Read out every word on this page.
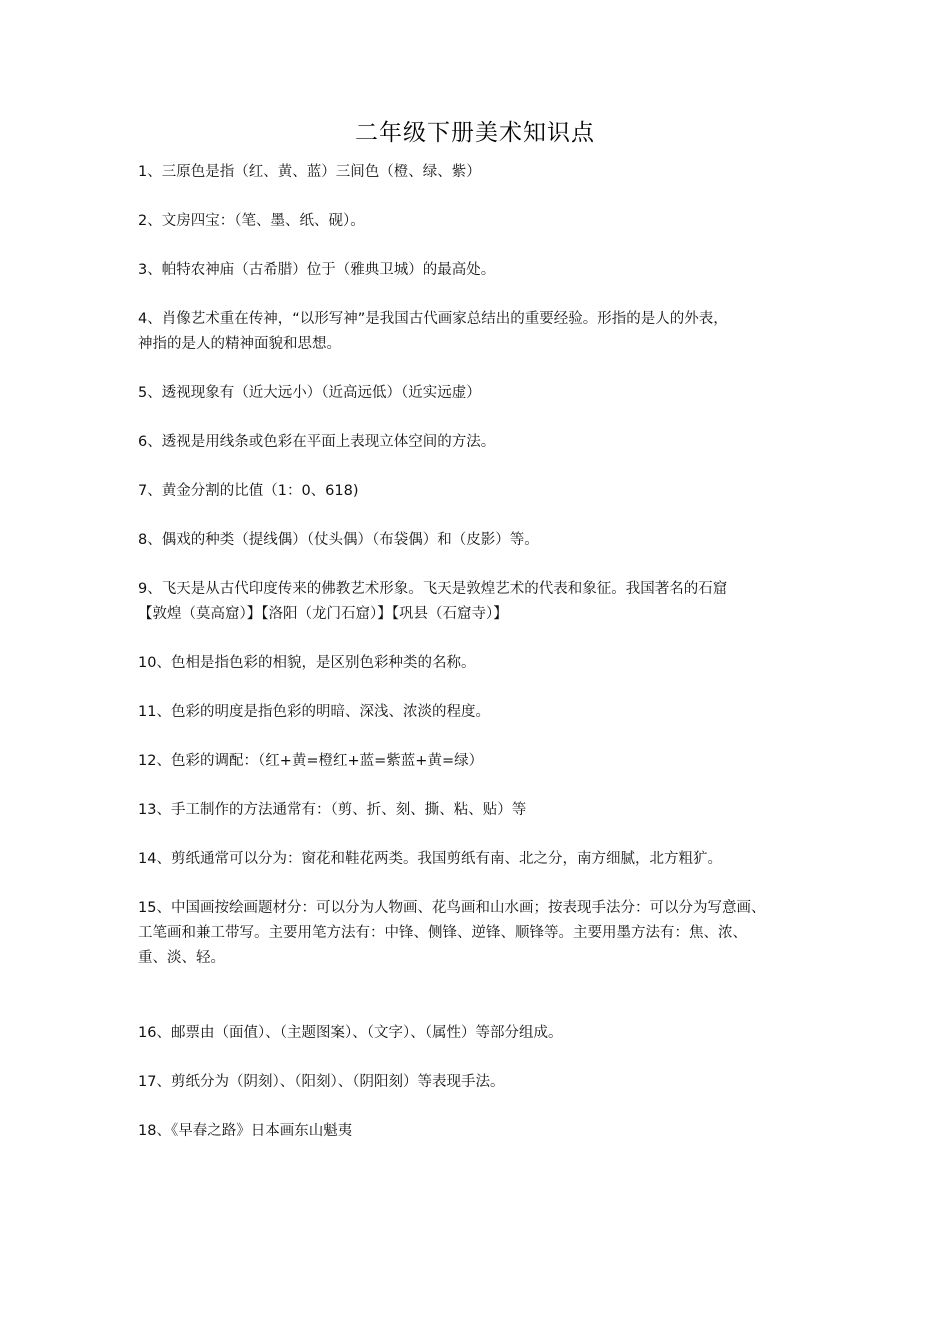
二年级下册美术知识点
1、三原色是指（红、黄、蓝）三间色（橙、绿、紫）
2、文房四宝：（笔、墨、纸、砚）。
3、帕特农神庙（古希腊）位于（雅典卫城）的最高处。
4、肖像艺术重在传神，“以形写神”是我国古代画家总结出的重要经验。形指的是人的外表，
神指的是人的精神面貌和思想。
5、透视现象有（近大远小）（近高远低）（近实远虚）
6、透视是用线条或色彩在平面上表现立体空间的方法。
7、黄金分割的比值（1：0、618)
8、偶戏的种类（提线偶）（仗头偶）（布袋偶）和（皮影）等。
9、飞天是从古代印度传来的佛教艺术形象。飞天是敦煌艺术的代表和象征。我国著名的石窟
【敦煌（莫高窟）】【洛阳（龙门石窟）】【巩县（石窟寺）】
10、色相是指色彩的相貌，是区别色彩种类的名称。
11、色彩的明度是指色彩的明暗、深浅、浓淡的程度。
12、色彩的调配：（红+黄=橙红+蓝=紫蓝+黄=绿）
13、手工制作的方法通常有：（剪、折、刻、撕、粘、贴）等
14、剪纸通常可以分为：窗花和鞋花两类。我国剪纸有南、北之分，南方细腻，北方粗犷。
15、中国画按绘画题材分：可以分为人物画、花鸟画和山水画；按表现手法分：可以分为写意画、
工笔画和兼工带写。主要用笔方法有：中锋、侧锋、逆锋、顺锋等。主要用墨方法有：焦、浓、
重、淡、轻。
16、邮票由（面值）、（主题图案）、（文字）、（属性）等部分组成。
17、剪纸分为（阴刻）、（阳刻）、（阴阳刻）等表现手法。
18、《早春之路》日本画东山魁夷
